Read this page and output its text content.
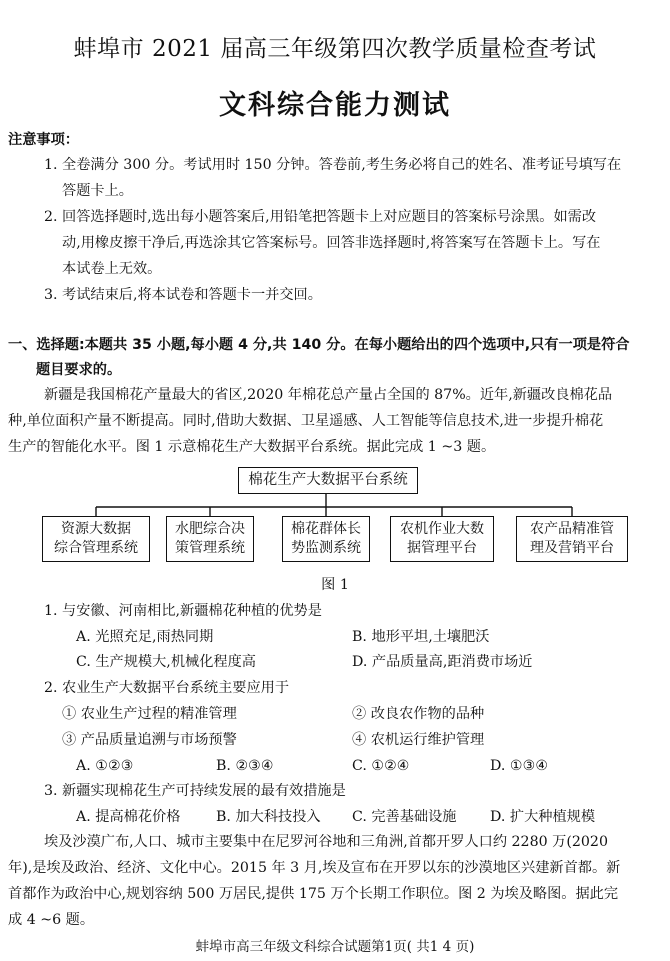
蚌埠市 2021 届高三年级第四次教学质量检查考试
文科综合能力测试
注意事项：
1. 全卷满分 300 分。考试用时 150 分钟。答卷前,考生务必将自己的姓名、准考证号填写在
答题卡上。
2. 回答选择题时,选出每小题答案后,用铅笔把答题卡上对应题目的答案标号涂黑。如需改
动,用橡皮擦干净后,再选涂其它答案标号。回答非选择题时,将答案写在答题卡上。写在
本试卷上无效。
3. 考试结束后,将本试卷和答题卡一并交回。
一、选择题:本题共 35 小题,每小题 4 分,共 140 分。在每小题给出的四个选项中,只有一项是符合
题目要求的。
新疆是我国棉花产量最大的省区,2020 年棉花总产量占全国的 87%。近年,新疆改良棉花品
种,单位面积产量不断提高。同时,借助大数据、卫星遥感、人工智能等信息技术,进一步提升棉花
生产的智能化水平。图 1 示意棉花生产大数据平台系统。据此完成 1 ~3 题。
棉花生产大数据平台系统
资源大数据
综合管理系统
水肥综合决
策管理系统
棉花群体长
势监测系统
农机作业大数
据管理平台
农产品精准管
理及营销平台
图 1
1. 与安徽、河南相比,新疆棉花种植的优势是
A. 光照充足,雨热同期	B. 地形平坦,土壤肥沃
C. 生产规模大,机械化程度高	D. 产品质量高,距消费市场近
2. 农业生产大数据平台系统主要应用于
① 农业生产过程的精准管理	② 改良农作物的品种
③ 产品质量追溯与市场预警	④ 农机运行维护管理
A. ①②③	B. ②③④	C. ①②④	D. ①③④
3. 新疆实现棉花生产可持续发展的最有效措施是
A. 提高棉花价格	B. 加大科技投入 C. 完善基础设施 D. 扩大种植规模
埃及沙漠广布,人口、城市主要集中在尼罗河谷地和三角洲,首都开罗人口约 2280 万(2020
年),是埃及政治、经济、文化中心。2015 年 3 月,埃及宣布在开罗以东的沙漠地区兴建新首都。新
首都作为政治中心,规划容纳 500 万居民,提供 175 万个长期工作职位。图 2 为埃及略图。据此完
成 4 ~6 题。
蚌埠市高三年级文科综合试题第1页( 共1 4 页)
